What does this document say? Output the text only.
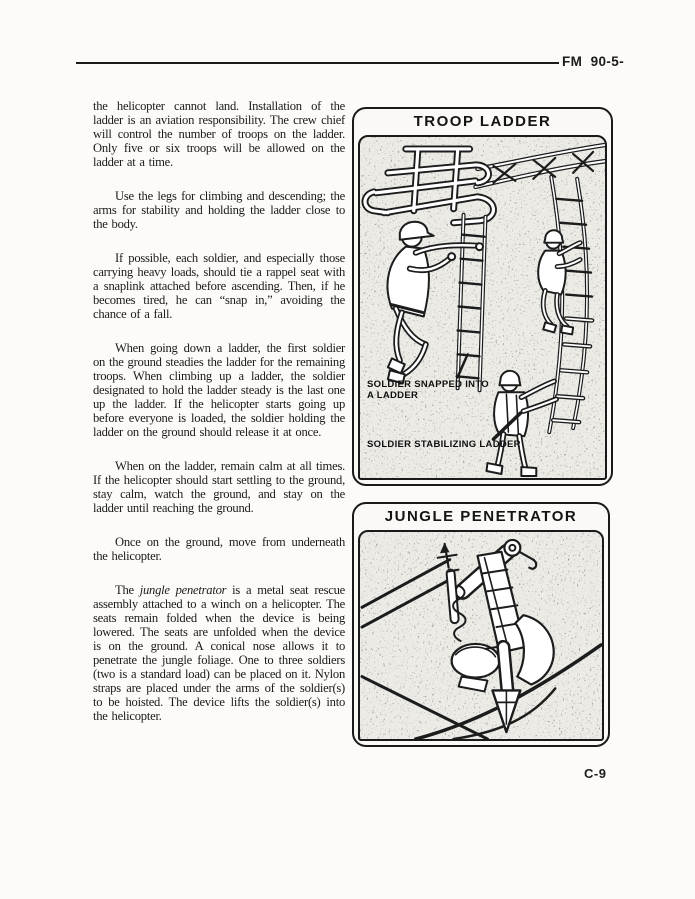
FM  90-5-

the helicopter cannot land. Installation of the ladder is an aviation responsibility. The crew chief will control the number of troops on the ladder. Only five or six troops will be allowed on the ladder at a time.

Use the legs for climbing and descending; the arms for stability and holding the ladder close to the body.

If possible, each soldier, and especially those carrying heavy loads, should tie a rappel seat with a snaplink attached before ascending. Then, if he becomes tired, he can “snap in,” avoiding the chance of a fall.

When going down a ladder, the first soldier on the ground steadies the ladder for the remaining troops. When climbing up a ladder, the soldier designated to hold the ladder steady is the last one up the ladder. If the helicopter starts going up before everyone is loaded, the soldier holding the ladder on the ground should release it at once.

When on the ladder, remain calm at all times. If the helicopter should start settling to the ground, stay calm, watch the ground, and stay on the ladder until reaching the ground.

Once on the ground, move from underneath the helicopter.

The jungle penetrator is a metal seat rescue assembly attached to a winch on a helicopter. The seats remain folded when the device is being lowered. The seats are unfolded when the device is on the ground. A conical nose allows it to penetrate the jungle foliage. One to three soldiers (two is a standard load) can be placed on it. Nylon straps are placed under the arms of the soldier(s) to be hoisted. The device lifts the soldier(s) into the helicopter.

TROOP LADDER
SOLDIER SNAPPED INTO A LADDER
SOLDIER STABILIZING LADDER
JUNGLE PENETRATOR
C-9
